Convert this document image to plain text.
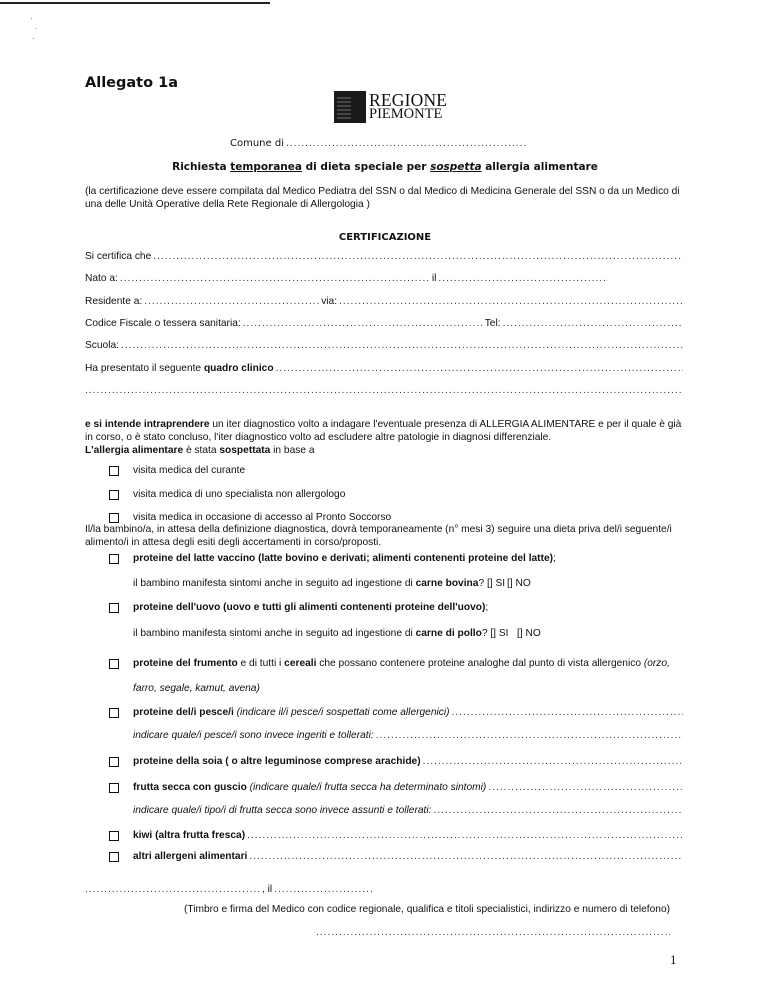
·
·
·
Allegato 1a
REGIONE
PIEMONTE
Comune di
.....
Richiesta temporanea di dieta speciale per sospetta allergia alimentare
(la certificazione deve essere compilata dal Medico Pediatra del SSN o dal Medico di Medicina Generale del SSN o da un Medico di una delle Unità Operative della Rete Regionale di Allergologia )
CERTIFICAZIONE
Si certifica che
.....
Nato a: .....	il
.....
Residente a: .....	via:
.....
Codice Fiscale o tessera sanitaria: .....	Tel:
.....
Scuola:
.....
Ha presentato il seguente quadro clinico
.....
.....
e si intende intraprendere un iter diagnostico volto a indagare l'eventuale presenza di ALLERGIA ALIMENTARE e per il quale è già in corso, o è stato concluso, l'iter diagnostico volto ad escludere altre patologie in diagnosi differenziale.
L'allergia alimentare è stata sospettata in base a
visita medica del curante
visita medica di uno specialista non allergologo
visita medica in occasione di accesso al Pronto Soccorso
Il/la bambino/a, in attesa della definizione diagnostica, dovrà temporaneamente (n° mesi 3) seguire una dieta priva del/i seguente/i alimento/i in attesa degli esiti degli accertamenti in corso/proposti.
proteine del latte vaccino (latte bovino e derivati; alimenti contenenti proteine del latte);
il bambino manifesta sintomi anche in seguito ad ingestione di carne bovina? [] SI [] NO
proteine dell'uovo (uovo e tutti gli alimenti contenenti proteine dell'uovo);
il bambino manifesta sintomi anche in seguito ad ingestione di carne di pollo? [] SI [] NO
proteine del frumento e di tutti i cereali che possano contenere proteine analoghe dal punto di vista allergenico (orzo,
farro, segale, kamut, avena)
proteine del/i pesce/i (indicare il/i pesce/i sospettati come allergenici)
.....
indicare quale/i pesce/i sono invece ingeriti e tollerati:
.....
proteine della soia ( o altre leguminose comprese arachide)
.....
frutta secca con guscio (indicare quale/i frutta secca ha determinato sintomi)
.....
indicare quale/i tipo/i di frutta secca sono invece assunti e tollerati:
.....
kiwi (altra frutta fresca)
.....
altri allergeni alimentari
.....
.....
, il
.....
(Timbro e firma del Medico con codice regionale, qualifica e titoli specialistici, indirizzo e numero di telefono)
.....
1
